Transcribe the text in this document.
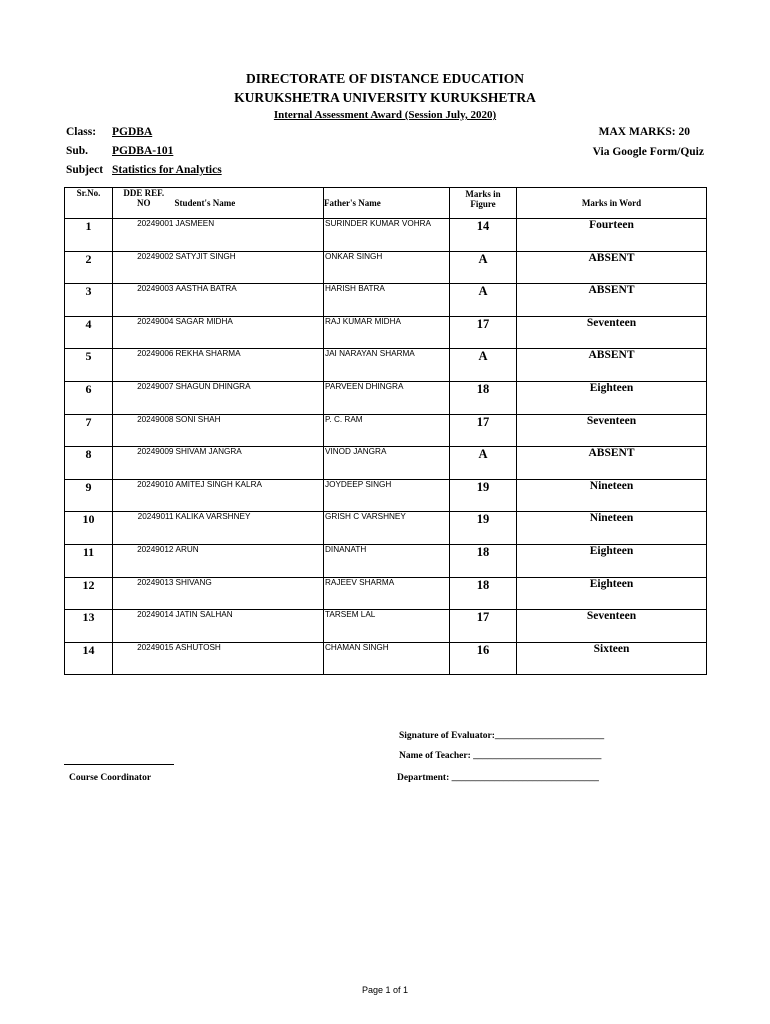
DIRECTORATE OF DISTANCE EDUCATION
KURUKSHETRA UNIVERSITY KURUKSHETRA
Internal Assessment Award (Session July, 2020)
Class: PGDBA
Sub. PGDBA-101
Subject Statistics for Analytics
MAX MARKS: 20
Via Google Form/Quiz
Sr.No.	DDE REF. NO	Student's Name	Father's Name	Marks in Figure	Marks in Word
1	20249001	JASMEEN	SURINDER KUMAR VOHRA	14	Fourteen
2	20249002	SATYJIT SINGH	ONKAR SINGH	A	ABSENT
3	20249003	AASTHA BATRA	HARISH BATRA	A	ABSENT
4	20249004	SAGAR MIDHA	RAJ KUMAR MIDHA	17	Seventeen
5	20249006	REKHA SHARMA	JAI NARAYAN SHARMA	A	ABSENT
6	20249007	SHAGUN DHINGRA	PARVEEN DHINGRA	18	Eighteen
7	20249008	SONI SHAH	P. C. RAM	17	Seventeen
8	20249009	SHIVAM JANGRA	VINOD JANGRA	A	ABSENT
9	20249010	AMITEJ SINGH KALRA	JOYDEEP SINGH	19	Nineteen
10	20249011	KALIKA VARSHNEY	GRISH C VARSHNEY	19	Nineteen
11	20249012	ARUN	DINANATH	18	Eighteen
12	20249013	SHIVANG	RAJEEV SHARMA	18	Eighteen
13	20249014	JATIN SALHAN	TARSEM LAL	17	Seventeen
14	20249015	ASHUTOSH	CHAMAN SINGH	16	Sixteen
Signature of Evaluator:_______________________
Name of Teacher: ___________________________
Department: _______________________________
Course Coordinator
Page 1 of 1
